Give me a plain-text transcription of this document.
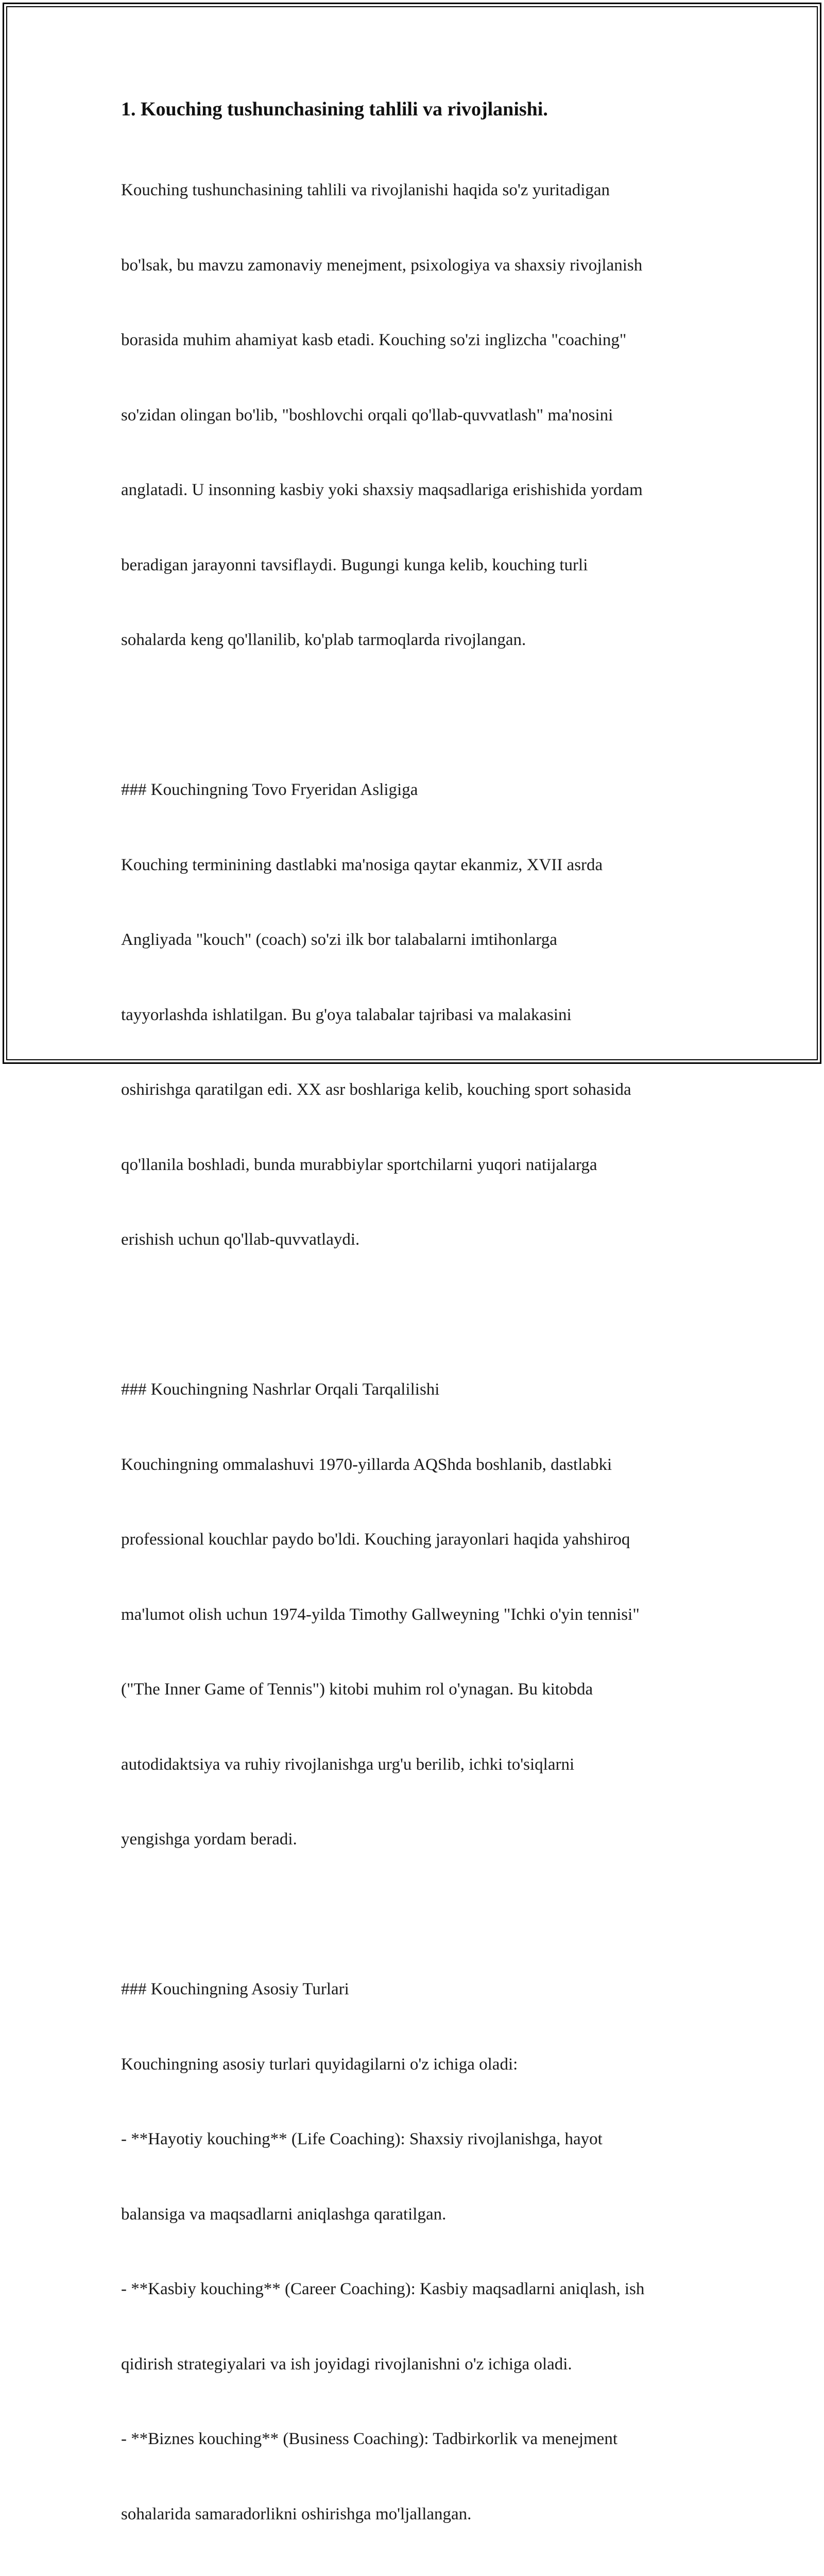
1. Kouching tushunchasining tahlili va rivojlanishi.

Kouching tushunchasining tahlili va rivojlanishi haqida so'z yuritadigan

bo'lsak, bu mavzu zamonaviy menejment, psixologiya va shaxsiy rivojlanish

borasida muhim ahamiyat kasb etadi. Kouching so'zi inglizcha "coaching"

so'zidan olingan bo'lib, "boshlovchi orqali qo'llab-quvvatlash" ma'nosini

anglatadi. U insonning kasbiy yoki shaxsiy maqsadlariga erishishida yordam

beradigan jarayonni tavsiflaydi. Bugungi kunga kelib, kouching turli

sohalarda keng qo'llanilib, ko'plab tarmoqlarda rivojlangan.

### Kouchingning Tovo Fryeridan Asligiga

Kouching terminining dastlabki ma'nosiga qaytar ekanmiz, XVII asrda

Angliyada "kouch" (coach) so'zi ilk bor talabalarni imtihonlarga

tayyorlashda ishlatilgan. Bu g'oya talabalar tajribasi va malakasini

oshirishga qaratilgan edi. XX asr boshlariga kelib, kouching sport sohasida

qo'llanila boshladi, bunda murabbiylar sportchilarni yuqori natijalarga

erishish uchun qo'llab-quvvatlaydi.

### Kouchingning Nashrlar Orqali Tarqalilishi

Kouchingning ommalashuvi 1970-yillarda AQShda boshlanib, dastlabki

professional kouchlar paydo bo'ldi. Kouching jarayonlari haqida yahshiroq

ma'lumot olish uchun 1974-yilda Timothy Gallweyning "Ichki o'yin tennisi"

("The Inner Game of Tennis") kitobi muhim rol o'ynagan. Bu kitobda

autodidaktsiya va ruhiy rivojlanishga urg'u berilib, ichki to'siqlarni

yengishga yordam beradi.

### Kouchingning Asosiy Turlari

Kouchingning asosiy turlari quyidagilarni o'z ichiga oladi:

- **Hayotiy kouching** (Life Coaching): Shaxsiy rivojlanishga, hayot

balansiga va maqsadlarni aniqlashga qaratilgan.

- **Kasbiy kouching** (Career Coaching): Kasbiy maqsadlarni aniqlash, ish

qidirish strategiyalari va ish joyidagi rivojlanishni o'z ichiga oladi.

- **Biznes kouching** (Business Coaching): Tadbirkorlik va menejment

sohalarida samaradorlikni oshirishga mo'ljallangan.
